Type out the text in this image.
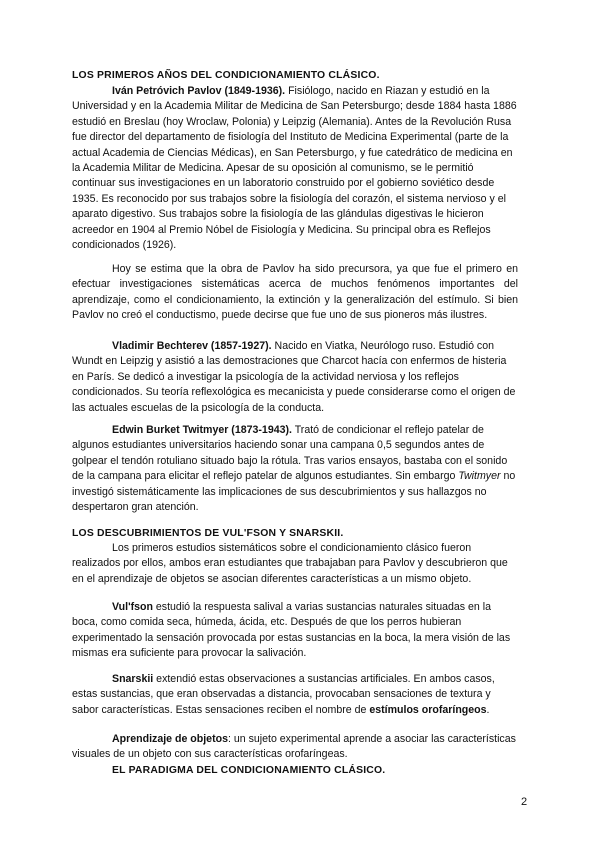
LOS PRIMEROS AÑOS DEL CONDICIONAMIENTO CLÁSICO.

Iván Petróvich Pavlov (1849-1936). Fisiólogo, nacido en Riazan y estudió en la Universidad y en la Academia Militar de Medicina de San Petersburgo; desde 1884 hasta 1886 estudió en Breslau (hoy Wroclaw, Polonia) y Leipzig (Alemania). Antes de la Revolución Rusa fue director del departamento de fisiología del Instituto de Medicina Experimental (parte de la actual Academia de Ciencias Médicas), en San Petersburgo, y fue catedrático de medicina en la Academia Militar de Medicina. Apesar de su oposición al comunismo, se le permitió continuar sus investigaciones en un laboratorio construido por el gobierno soviético desde 1935. Es reconocido por sus trabajos sobre la fisiología del corazón, el sistema nervioso y el aparato digestivo. Sus trabajos sobre la fisiología de las glándulas digestivas le hicieron acreedor en 1904 al Premio Nóbel de Fisiología y Medicina. Su principal obra es Reflejos condicionados (1926).

Hoy se estima que la obra de Pavlov ha sido precursora, ya que fue el primero en efectuar investigaciones sistemáticas acerca de muchos fenómenos importantes del aprendizaje, como el condicionamiento, la extinción y la generalización del estímulo. Si bien Pavlov no creó el conductismo, puede decirse que fue uno de sus pioneros más ilustres.

Vladimir Bechterev (1857-1927). Nacido en Viatka, Neurólogo ruso. Estudió con Wundt en Leipzig y asistió a las demostraciones que Charcot hacía con enfermos de histeria en París. Se dedicó a investigar la psicología de la actividad nerviosa y los reflejos condicionados. Su teoría reflexológica es mecanicista y puede considerarse como el origen de las actuales escuelas de la psicología de la conducta.

Edwin Burket Twitmyer (1873-1943). Trató de condicionar el reflejo patelar de algunos estudiantes universitarios haciendo sonar una campana 0,5 segundos antes de golpear el tendón rotuliano situado bajo la rótula. Tras varios ensayos, bastaba con el sonido de la campana para elicitar el reflejo patelar de algunos estudiantes. Sin embargo Twitmyer no investigó sistemáticamente las implicaciones de sus descubrimientos y sus hallazgos no despertaron gran atención.

LOS DESCUBRIMIENTOS DE VUL'FSON Y SNARSKII.

Los primeros estudios sistemáticos sobre el condicionamiento clásico fueron realizados por ellos, ambos eran estudiantes que trabajaban para Pavlov y descubrieron que en el aprendizaje de objetos se asocian diferentes características a un mismo objeto.

Vul'fson estudió la respuesta salival a varias sustancias naturales situadas en la boca, como comida seca, húmeda, ácida, etc. Después de que los perros hubieran experimentado la sensación provocada por estas sustancias en la boca, la mera visión de las mismas era suficiente para provocar la salivación.

Snarskii extendió estas observaciones a sustancias artificiales. En ambos casos, estas sustancias, que eran observadas a distancia, provocaban sensaciones de textura y sabor características. Estas sensaciones reciben el nombre de estímulos orofaríngeos.

Aprendizaje de objetos: un sujeto experimental aprende a asociar las características visuales de un objeto con sus características orofaríngeas.

EL PARADIGMA DEL CONDICIONAMIENTO CLÁSICO.
2
